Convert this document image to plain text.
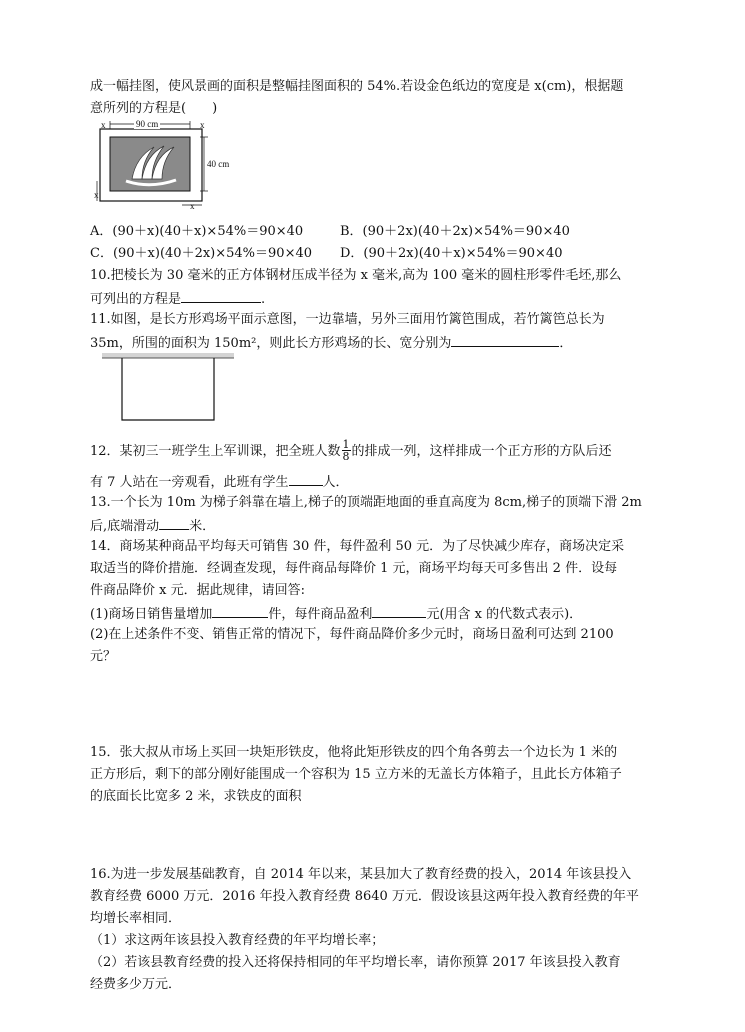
成一幅挂图，使风景画的面积是整幅挂图面积的 54%.若设金色纸边的宽度是 x(cm)，根据题
意所列的方程是(　　)
x	90 cm	x
40 cm
x
x
A．(90＋x)(40＋x)×54%＝90×40	B．(90＋2x)(40＋2x)×54%＝90×40
C．(90＋x)(40＋2x)×54%＝90×40 D．(90＋2x)(40＋x)×54%＝90×40
10.把棱长为 30 毫米的正方体钢材压成半径为 x 毫米,高为 100 毫米的圆柱形零件毛坯,那么
可列出的方程是	.
11.如图，是长方形鸡场平面示意图，一边靠墙，另外三面用竹篱笆围成，若竹篱笆总长为
35m，所围的面积为 150m²，则此长方形鸡场的长、宽分别为	．
12．某初三一班学生上军训课，把全班人数 $\frac{1}{8}$ 的排成一列，这样排成一个正方形的方队后还
有 7 人站在一旁观看，此班有学生	人．
13.一个长为 10m 为梯子斜靠在墙上,梯子的顶端距地面的垂直高度为 8cm,梯子的顶端下滑 2m
后,底端滑动 米．
14．商场某种商品平均每天可销售 30 件，每件盈利 50 元．为了尽快减少库存，商场决定采
取适当的降价措施．经调查发现，每件商品每降价 1 元，商场平均每天可多售出 2 件．设每
件商品降价 x 元．据此规律，请回答:
(1)商场日销售量增加	件，每件商品盈利	元(用含 x 的代数式表示)．
(2)在上述条件不变、销售正常的情况下，每件商品降价多少元时，商场日盈利可达到 2100
元？
15．张大叔从市场上买回一块矩形铁皮，他将此矩形铁皮的四个角各剪去一个边长为 1 米的
正方形后，剩下的部分刚好能围成一个容积为 15 立方米的无盖长方体箱子，且此长方体箱子
的底面长比宽多 2 米，求铁皮的面积
16.为进一步发展基础教育，自 2014 年以来，某县加大了教育经费的投入，2014 年该县投入
教育经费 6000 万元．2016 年投入教育经费 8640 万元．假设该县这两年投入教育经费的年平
均增长率相同．
（1）求这两年该县投入教育经费的年平均增长率；
（2）若该县教育经费的投入还将保持相同的年平均增长率，请你预算 2017 年该县投入教育
经费多少万元．
